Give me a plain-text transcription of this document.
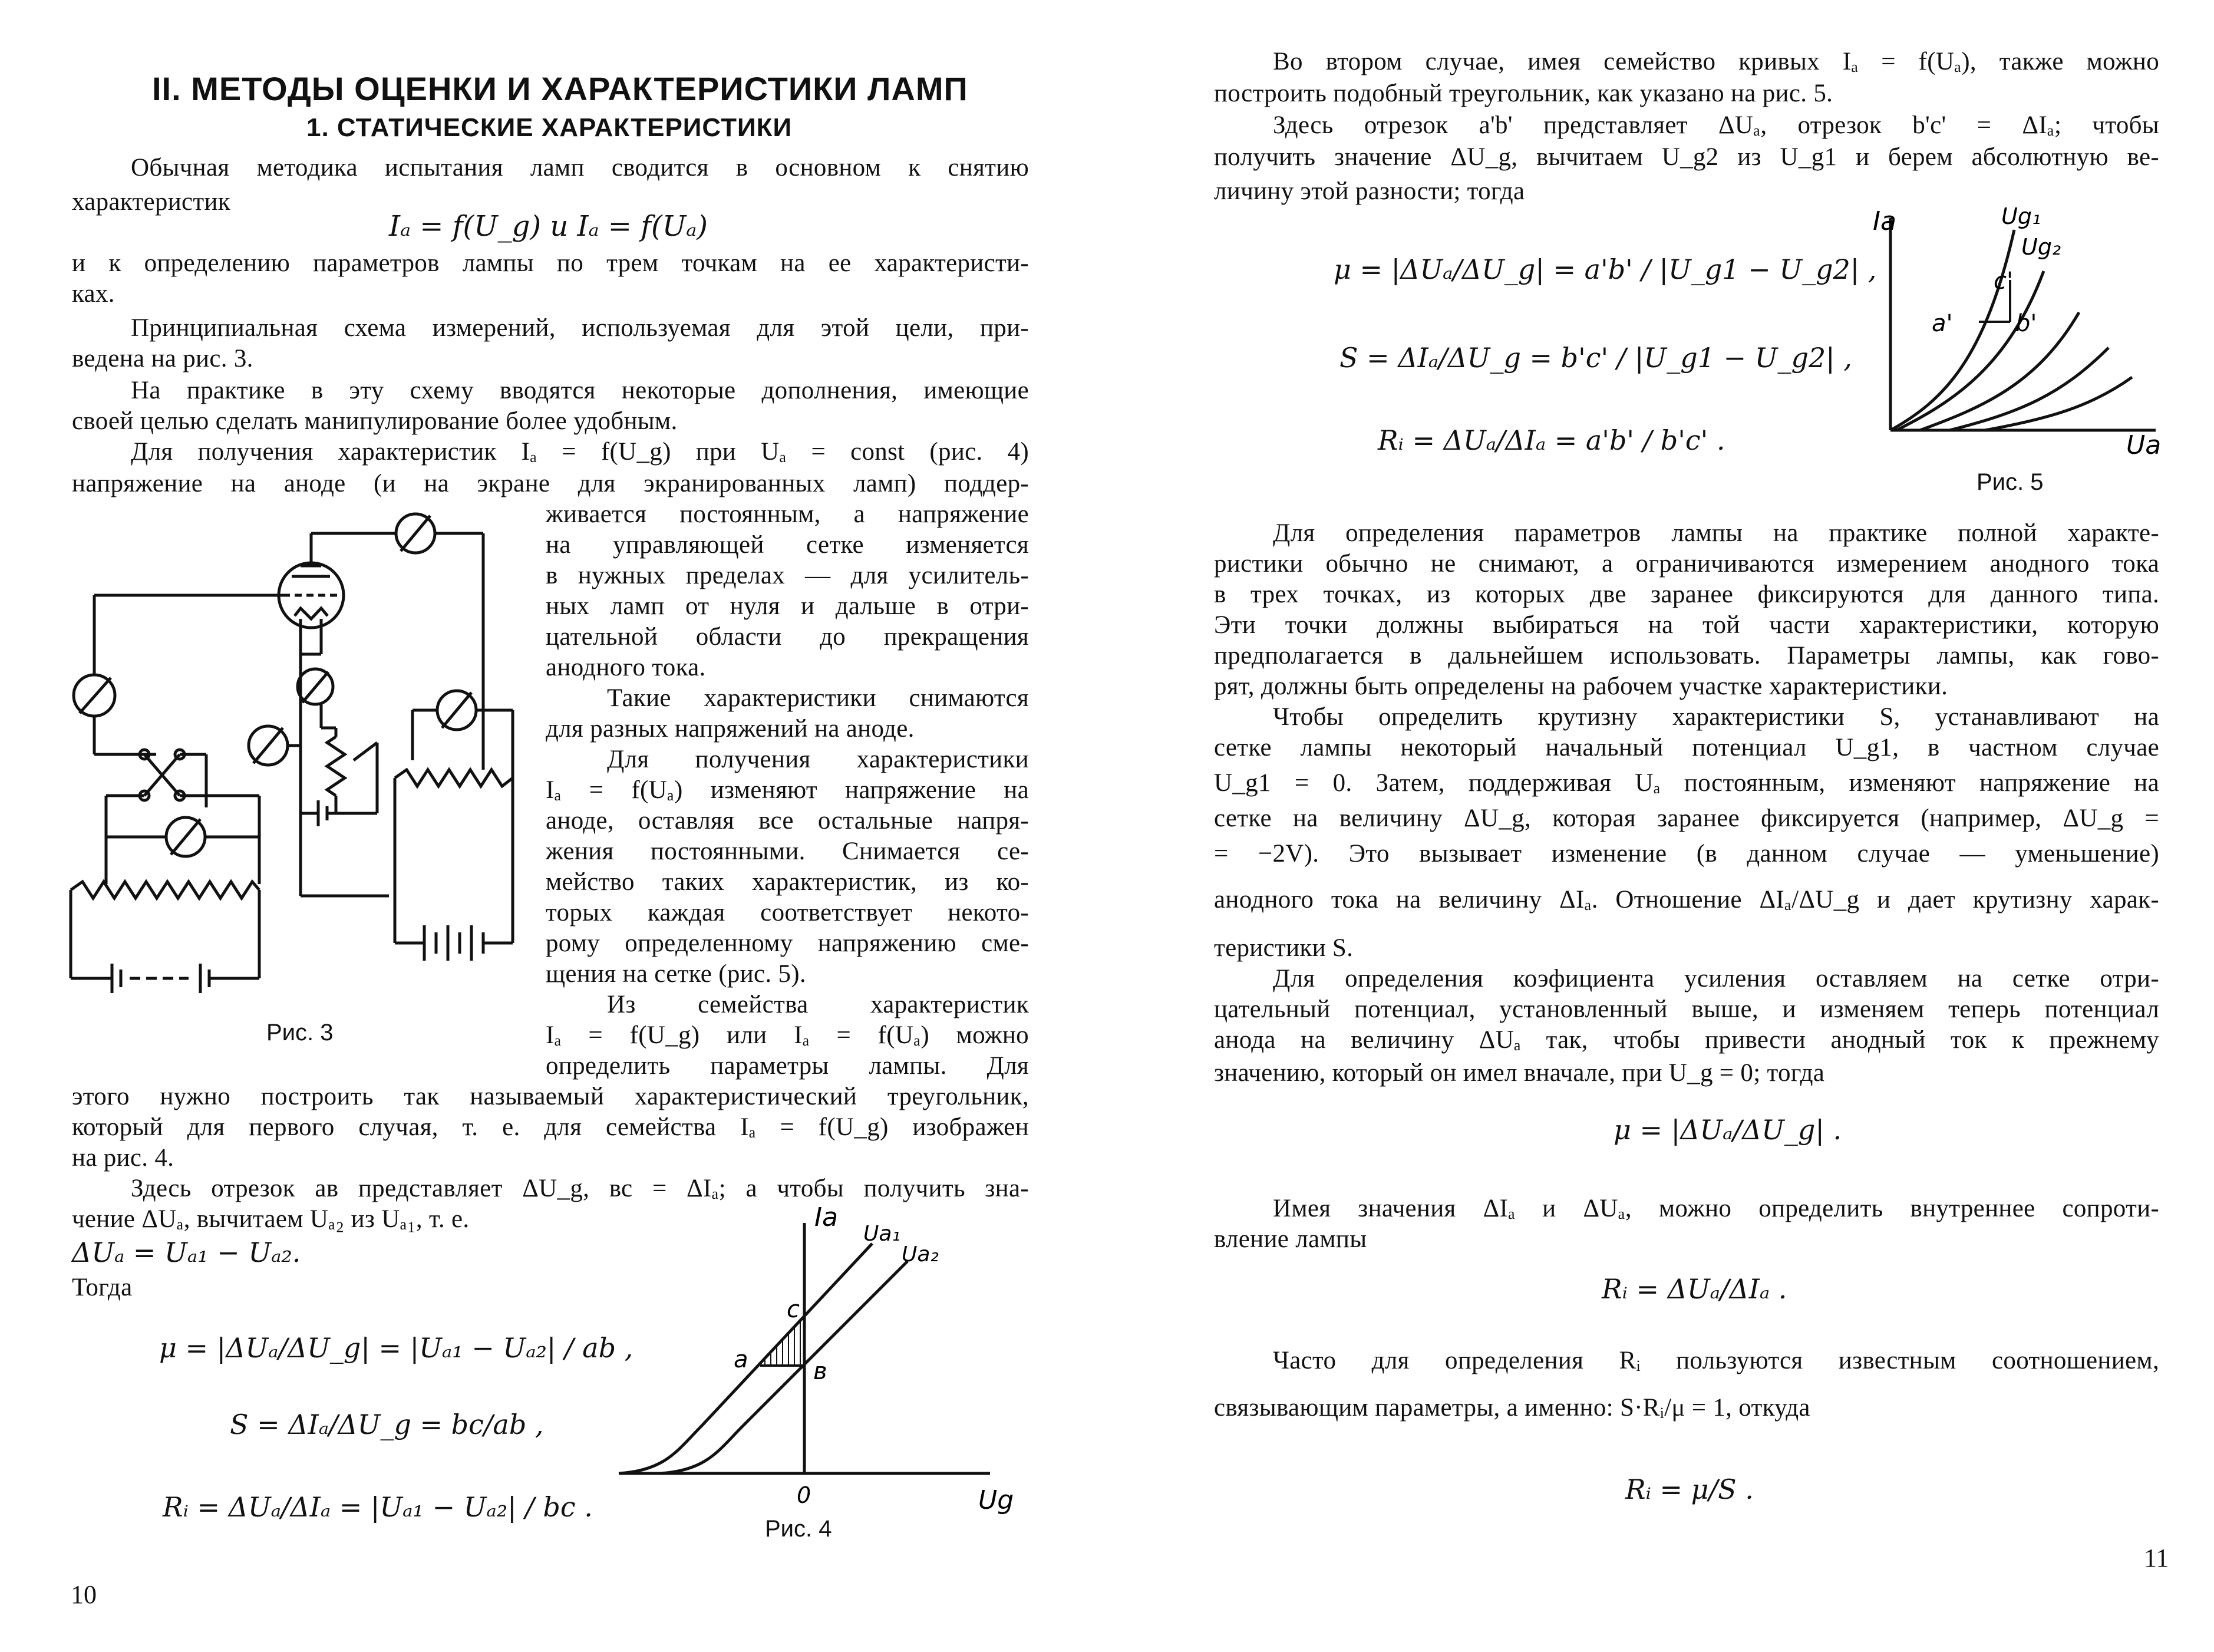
II. МЕТОДЫ ОЦЕНКИ И ХАРАКТЕРИСТИКИ ЛАМП
1. СТАТИЧЕСКИЕ ХАРАКТЕРИСТИКИ
Обычная методика испытания ламп сводится в основном к снятию
характеристик
Iₐ = f(U_g) и Iₐ = f(Uₐ)
и к определению параметров лампы по трем точкам на ее характеристи-
ках.
Принципиальная схема измерений, используемая для этой цели, при-
ведена на рис. 3.
На практике в эту схему вводятся некоторые дополнения, имеющие
своей целью сделать манипулирование более удобным.
Для получения характеристик Iₐ = f(U_g) при Uₐ = const (рис. 4)
напряжение на аноде (и на экране для экранированных ламп) поддер-
живается постоянным, а напряжение
на управляющей сетке изменяется
в нужных пределах — для усилитель-
ных ламп от нуля и дальше в отри-
цательной области до прекращения
анодного тока.
Такие характеристики снимаются
для разных напряжений на аноде.
Для получения характеристики
Iₐ = f(Uₐ) изменяют напряжение на
аноде, оставляя все остальные напря-
жения постоянными. Снимается се-
мейство таких характеристик, из ко-
торых каждая соответствует некото-
рому определенному напряжению сме-
щения на сетке (рис. 5).
Из семейства характеристик
Iₐ = f(U_g) или Iₐ = f(Uₐ) можно
определить параметры лампы. Для
этого нужно построить так называемый характеристический треугольник,
который для первого случая, т. е. для семейства Iₐ = f(U_g) изображен
на рис. 4.
Здесь отрезок ав представляет ΔU_g, вс = ΔIₐ; а чтобы получить зна-
чение ΔUₐ, вычитаем Uₐ₂ из Uₐ₁, т. е.
ΔUₐ = Uₐ₁ − Uₐ₂.
Тогда
μ = |ΔUₐ/ΔU_g| = |Uₐ₁ − Uₐ₂| / ab ,
S = ΔIₐ/ΔU_g = bc/ab ,
Rᵢ = ΔUₐ/ΔIₐ = |Uₐ₁ − Uₐ₂| / bc .
Рис. 3
Ia
Ug
0
Ua₁
Ua₂
a	в
с
Рис. 4
10
Во втором случае, имея семейство кривых Iₐ = f(Uₐ), также можно
построить подобный треугольник, как указано на рис. 5.
Здесь отрезок a'b' представляет ΔUₐ, отрезок b'c' = ΔIₐ; чтобы
получить значение ΔU_g, вычитаем U_g2 из U_g1 и берем абсолютную ве-
личину этой разности; тогда
μ = |ΔUₐ/ΔU_g| = a'b' / |U_g1 − U_g2| ,
S = ΔIₐ/ΔU_g = b'c' / |U_g1 − U_g2| ,
Rᵢ = ΔUₐ/ΔIₐ = a'b' / b'c' .
Ia
Ua
Ug₁
Ug₂
a'	b'
c'
Рис. 5
Для определения параметров лампы на практике полной характе-
ристики обычно не снимают, а ограничиваются измерением анодного тока
в трех точках, из которых две заранее фиксируются для данного типа.
Эти точки должны выбираться на той части характеристики, которую
предполагается в дальнейшем использовать. Параметры лампы, как гово-
рят, должны быть определены на рабочем участке характеристики.
Чтобы определить крутизну характеристики S, устанавливают на
сетке лампы некоторый начальный потенциал U_g1, в частном случае
U_g1 = 0. Затем, поддерживая Uₐ постоянным, изменяют напряжение на
сетке на величину ΔU_g, которая заранее фиксируется (например, ΔU_g =
= −2V). Это вызывает изменение (в данном случае — уменьшение)
анодного тока на величину ΔIₐ. Отношение ΔIₐ/ΔU_g и дает крутизну харак-
теристики S.
Для определения коэфициента усиления оставляем на сетке отри-
цательный потенциал, установленный выше, и изменяем теперь потенциал
анода на величину ΔUₐ так, чтобы привести анодный ток к прежнему
значению, который он имел вначале, при U_g = 0; тогда
μ = |ΔUₐ/ΔU_g| .
Имея значения ΔIₐ и ΔUₐ, можно определить внутреннее сопроти-
вление лампы
Rᵢ = ΔUₐ/ΔIₐ .
Часто для определения Rᵢ пользуются известным соотношением,
связывающим параметры, а именно: S·Rᵢ/μ = 1, откуда
Rᵢ = μ/S .
11
